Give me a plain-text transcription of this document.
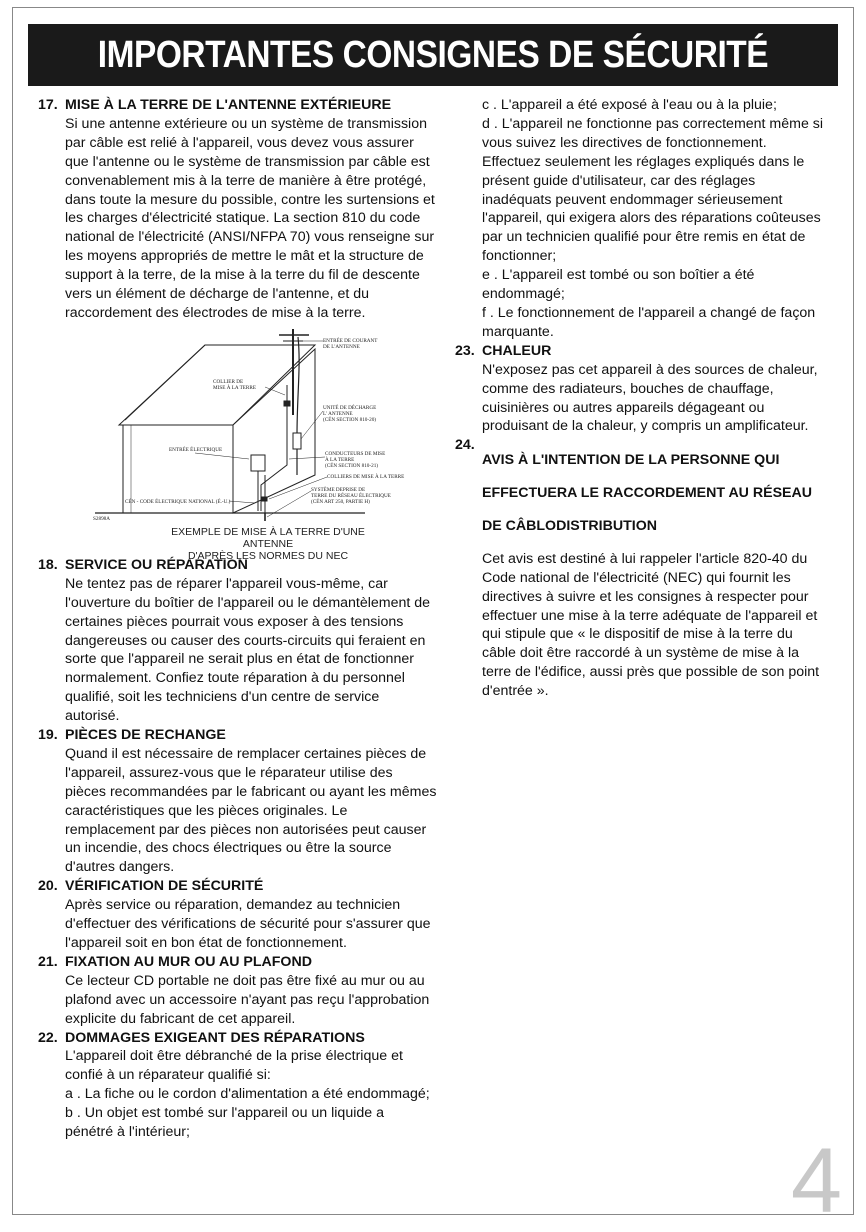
IMPORTANTES CONSIGNES DE SÉCURITÉ
17. MISE À LA TERRE DE L'ANTENNE EXTÉRIEURE

Si une antenne extérieure ou un système de transmission

par câble est relié à l'appareil, vous devez vous assurer

que l'antenne ou le système de transmission par câble est

convenablement mis à la terre de manière à être protégé,

dans toute la mesure du possible, contre les surtensions et

les charges d'électricité statique. La section 810 du code

national de l'électricité (ANSI/NFPA 70) vous renseigne sur

les moyens appropriés de mettre le mât et la structure de

support à la terre, de la mise à la terre du fil de descente

vers un élément de décharge de l'antenne, et du

raccordement des électrodes de mise à la terre.

ENTRÉE DE COURANT
DE L'ANTENNE
COLLIER DE
MISE À LA TERRE
UNITÉ DE DÉCHARGE
L' ANTENNE
(CÉN SECTION 810-20)
ENTRÉE ÉLECTRIQUE
CONDUCTEURS DE MISE
À LA TERRE
(CÉN SECTION 810-21)
COLLIERS DE MISE À LA TERRE
SYSTÈME DEPRISE DE
TERRE DU RÉSEAU ÉLECTRIQUE
(CÉN ART 250, PARTIE H)
CÉN - CODE ÉLECTRIQUE NATIONAL (É.-U.)
S2898A
EXEMPLE DE MISE À LA TERRE D'UNE ANTENNE
D'APRÈS LES NORMES DU NEC
18. SERVICE OU RÉPARATION

Ne tentez pas de réparer l'appareil vous-même, car

l'ouverture du boîtier de l'appareil ou le démantèlement de

certaines pièces pourrait vous exposer à des tensions

dangereuses ou causer des courts-circuits qui feraient en

sorte que l'appareil ne serait plus en état de fonctionner

normalement. Confiez toute réparation à du personnel

qualifié, soit les techniciens d'un centre de service

autorisé.

19. PIÈCES DE RECHANGE

Quand il est nécessaire de remplacer certaines pièces de

l'appareil, assurez-vous que le réparateur utilise des

pièces recommandées par le fabricant ou ayant les mêmes

caractéristiques que les pièces originales. Le

remplacement par des pièces non autorisées peut causer

un incendie, des chocs électriques ou être la source

d'autres dangers.

20. VÉRIFICATION DE SÉCURITÉ

Après service ou réparation, demandez au technicien

d'effectuer des vérifications de sécurité pour s'assurer que

l'appareil soit en bon état de fonctionnement.

21. FIXATION AU MUR OU AU PLAFOND

Ce lecteur CD portable ne doit pas être fixé au mur ou au

plafond avec un accessoire n'ayant pas reçu l'approbation

explicite du fabricant de cet appareil.

22. DOMMAGES EXIGEANT DES RÉPARATIONS

L'appareil doit être débranché de la prise électrique et

confié à un réparateur qualifié si:

a . La fiche ou le cordon d'alimentation a été endommagé;

b . Un objet est tombé sur l'appareil ou un liquide a

pénétré à l'intérieur;

c . L'appareil a été exposé à l'eau ou à la pluie;

d . L'appareil ne fonctionne pas correctement même si

vous suivez les directives de fonctionnement.

Effectuez seulement les réglages expliqués dans le

présent guide d'utilisateur, car des réglages

inadéquats peuvent endommager sérieusement

l'appareil, qui exigera alors des réparations coûteuses

par un technicien qualifié pour être remis en état de

fonctionner;

e . L'appareil est tombé ou son boîtier a été

endommagé;

f . Le fonctionnement de l'appareil a changé de façon

marquante.

23. CHALEUR

N'exposez pas cet appareil à des sources de chaleur,

comme des radiateurs, bouches de chauffage,

cuisinières ou autres appareils dégageant ou

produisant de la chaleur, y compris un amplificateur.

24.

AVIS À L'INTENTION DE LA PERSONNE QUI

EFFECTUERA LE RACCORDEMENT AU RÉSEAU

DE CÂBLODISTRIBUTION

Cet avis est destiné à lui rappeler l'article 820-40 du

Code national de l'électricité (NEC) qui fournit les

directives à suivre et les consignes à respecter pour

effectuer une mise à la terre adéquate de l'appareil et

qui stipule que « le dispositif de mise à la terre du

câble doit être raccordé à un système de mise à la

terre de l'édifice, aussi près que possible de son point

d'entrée ».

4
